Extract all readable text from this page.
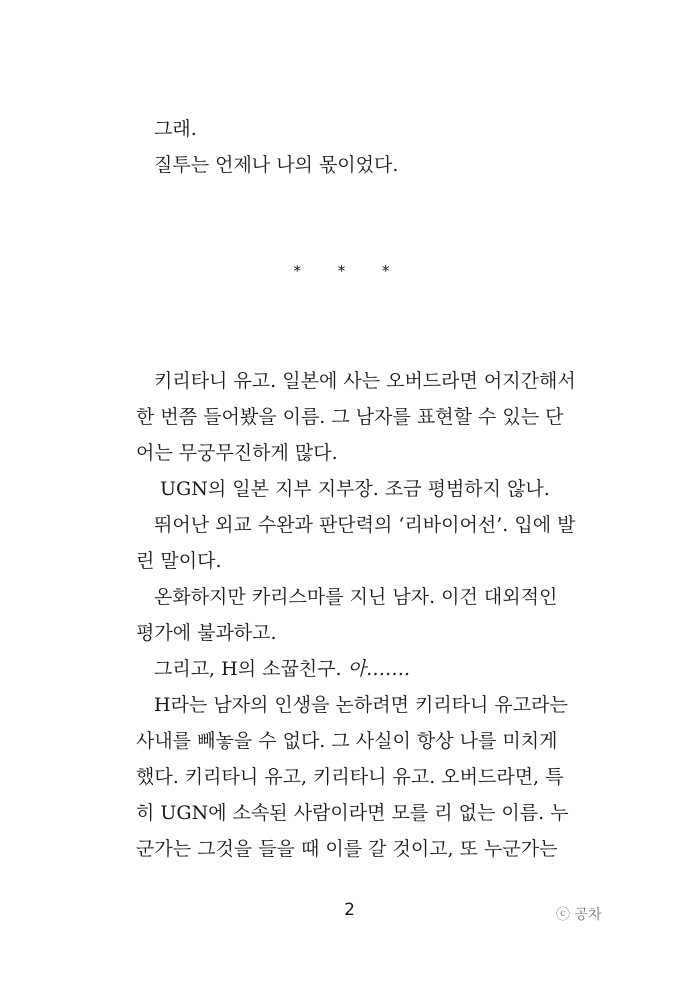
그래.
질투는 언제나 나의 몫이었다.
* * *
키리타니 유고. 일본에 사는 오버드라면 어지간해서
한 번쯤 들어봤을 이름. 그 남자를 표현할 수 있는 단
어는 무궁무진하게 많다.
UGN의 일본 지부 지부장. 조금 평범하지 않나.
뛰어난 외교 수완과 판단력의 ‘리바이어선’. 입에 발
린 말이다.
온화하지만 카리스마를 지닌 남자. 이건 대외적인
평가에 불과하고.
그리고, H의 소꿉친구. 아…….
H라는 남자의 인생을 논하려면 키리타니 유고라는
사내를 빼놓을 수 없다. 그 사실이 항상 나를 미치게
했다. 키리타니 유고, 키리타니 유고. 오버드라면, 특
히 UGN에 소속된 사람이라면 모를 리 없는 이름. 누
군가는 그것을 들을 때 이를 갈 것이고, 또 누군가는
2	ⓒ 공차
